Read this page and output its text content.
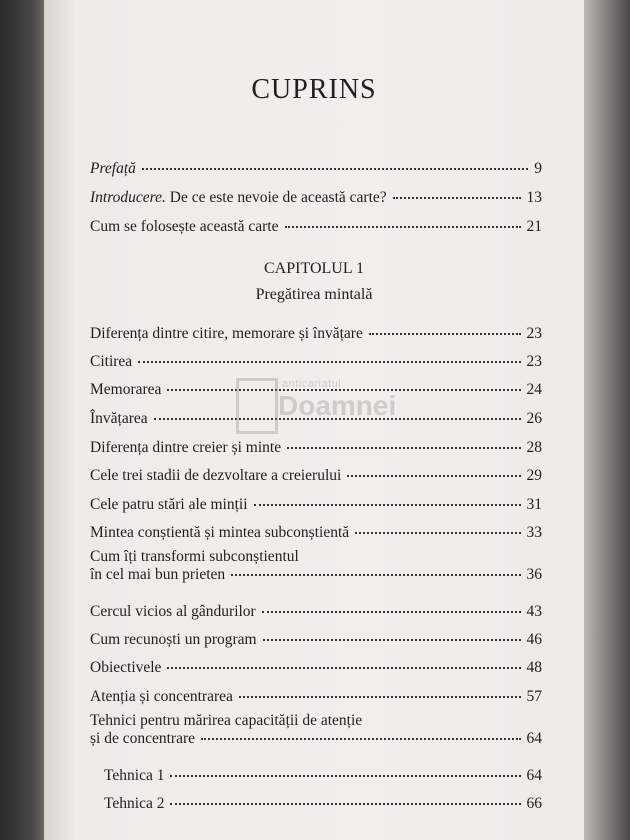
CUPRINS
Prefață	9
Introducere. De ce este nevoie de această carte?	13
Cum se folosește această carte	21
CAPITOLUL 1
Pregătirea mintală
Diferența dintre citire, memorare și învățare	23
Citirea	23
Memorarea	24
Învățarea	26
Diferența dintre creier și minte	28
Cele trei stadii de dezvoltare a creierului	29
Cele patru stări ale minții	31
Mintea conștientă și mintea subconștientă	33
Cum îți transformi subconștientul
în cel mai bun prieten	36
Cercul vicios al gândurilor	43
Cum recunoști un program	46
Obiectivele	48
Atenția și concentrarea	57
Tehnici pentru mărirea capacității de atenție
și de concentrare	64
Tehnica 1	64
Tehnica 2	66
anticariatul
Doamnei
